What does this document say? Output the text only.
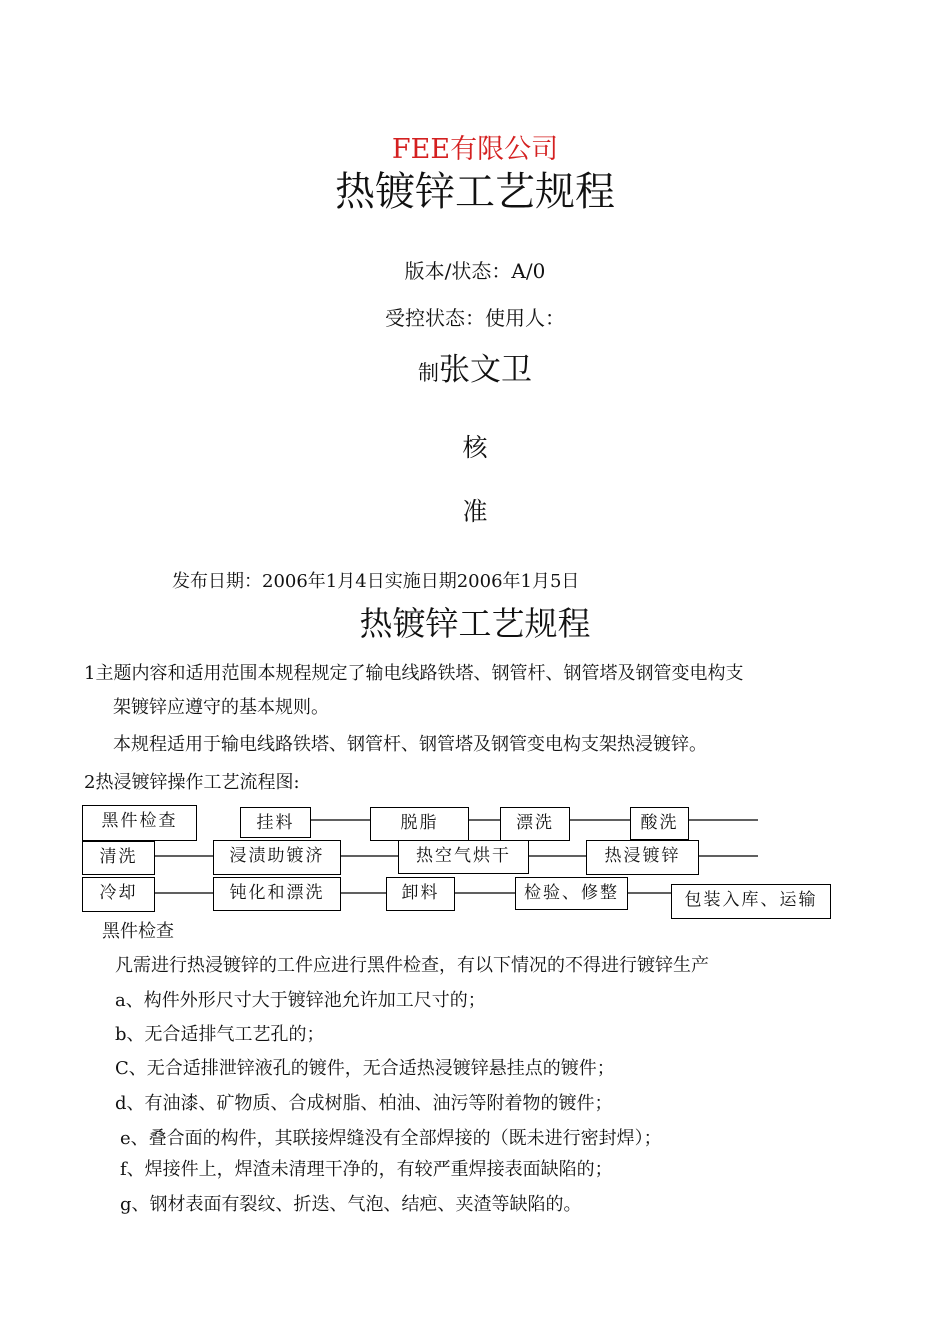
FEE有限公司
热镀锌工艺规程
版本/状态：A/0
受控状态：使用人：
制张文卫
核
准
发布日期：2006年1月4日实施日期2006年1月5日
热镀锌工艺规程
1主题内容和适用范围本规程规定了输电线路铁塔、钢管杆、钢管塔及钢管变电构支
架镀锌应遵守的基本规则。
本规程适用于输电线路铁塔、钢管杆、钢管塔及钢管变电构支架热浸镀锌。
2热浸镀锌操作工艺流程图:
黑件检查	挂料	脱脂	漂洗	酸洗
清洗	浸渍助镀济	热空气烘干	热浸镀锌
冷却	钝化和漂洗	卸料	检验、修整	包装入库、运输
黑件检查
凡需进行热浸镀锌的工件应进行黑件检查，有以下情况的不得进行镀锌生产
a、构件外形尺寸大于镀锌池允许加工尺寸的；
b、无合适排气工艺孔的；
C、无合适排泄锌液孔的镀件，无合适热浸镀锌悬挂点的镀件；
d、有油漆、矿物质、合成树脂、柏油、油污等附着物的镀件；
e、叠合面的构件，其联接焊缝没有全部焊接的（既未进行密封焊）；
f、焊接件上，焊渣未清理干净的，有较严重焊接表面缺陷的；
g、钢材表面有裂纹、折迭、气泡、结疤、夹渣等缺陷的。
